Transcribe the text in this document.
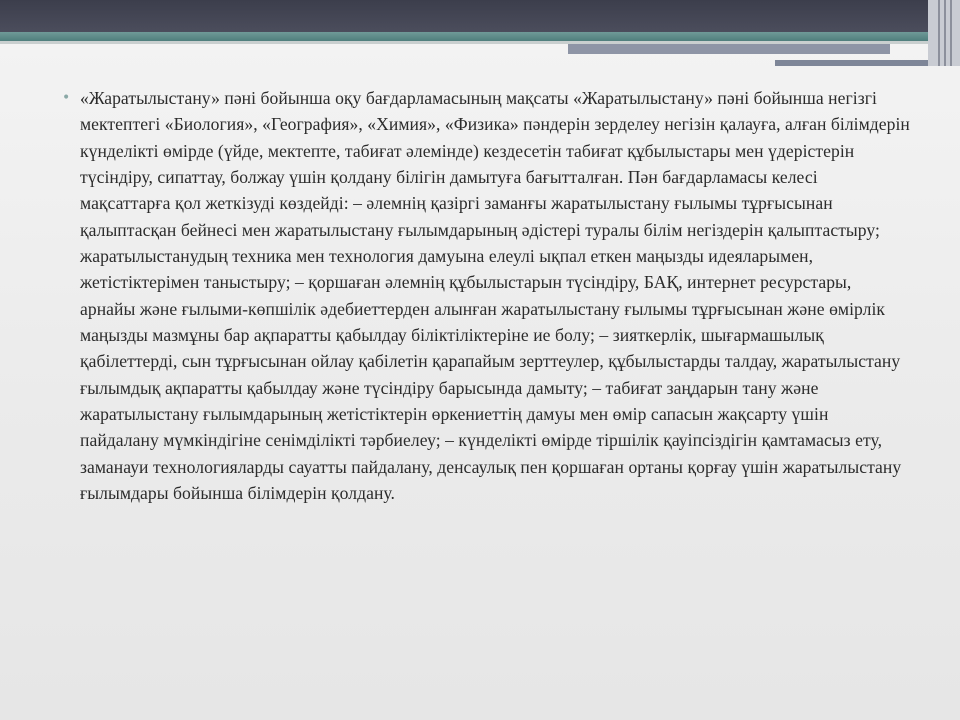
• «Жаратылыстану» пәні бойынша оқу бағдарламасының мақсаты «Жаратылыстану» пәні бойынша негізгі мектептегі «Биология», «География», «Химия», «Физика» пәндерін зерделеу негізін қалауға, алған білімдерін күнделікті өмірде (үйде, мектепте, табиғат әлемінде) кездесетін табиғат құбылыстары мен үдерістерін түсіндіру, сипаттау, болжау үшін қолдану білігін дамытуға бағытталған. Пән бағдарламасы келесі мақсаттарға қол жеткізуді көздейді: – әлемнің қазіргі заманғы жаратылыстану ғылымы тұрғысынан қалыптасқан бейнесі мен жаратылыстану ғылымдарының әдістері туралы білім негіздерін қалыптастыру; жаратылыстанудың техника мен технология дамуына елеулі ықпал еткен маңызды идеяларымен, жетістіктерімен таныстыру; – қоршаған әлемнің құбылыстарын түсіндіру, БАҚ, интернет ресурстары, арнайы және ғылыми-көпшілік әдебиеттерден алынған жаратылыстану ғылымы тұрғысынан және өмірлік маңызды мазмұны бар ақпаратты қабылдау біліктіліктеріне ие болу; – зияткерлік, шығармашылық қабілеттерді, сын тұрғысынан ойлау қабілетін қарапайым зерттеулер, құбылыстарды талдау, жаратылыстану ғылымдық ақпаратты қабылдау және түсіндіру барысында дамыту; – табиғат заңдарын тану және жаратылыстану ғылымдарының жетістіктерін өркениеттің дамуы мен өмір сапасын жақсарту үшін пайдалану мүмкіндігіне сенімділікті тәрбиелеу; – күнделікті өмірде тіршілік қауіпсіздігін қамтамасыз ету, заманауи технологияларды сауатты пайдалану, денсаулық пен қоршаған ортаны қорғау үшін жаратылыстану ғылымдары бойынша білімдерін қолдану.
